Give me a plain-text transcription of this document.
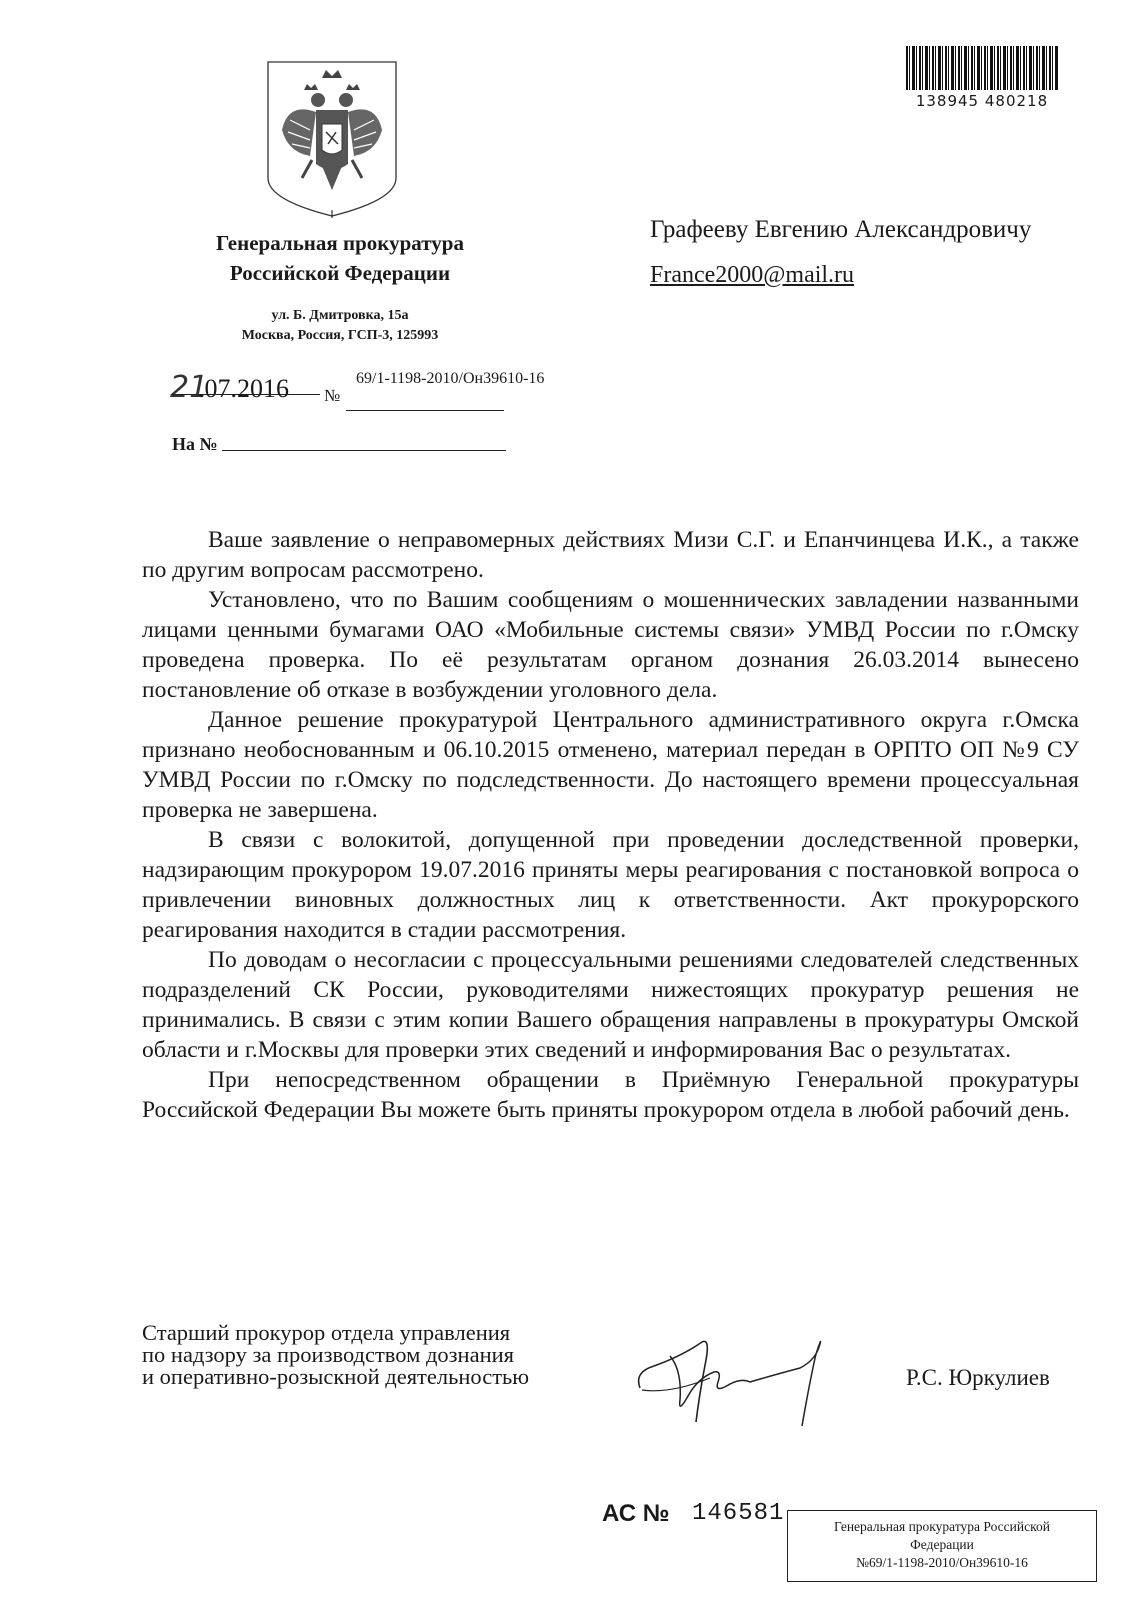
138945 480218
Генеральная прокуратура
Российской Федерации
ул. Б. Дмитровка, 15а
Москва, Россия, ГСП-3, 125993
21
.07.2016 №
69/1-1198-2010/Он39610-16
На №
Графееву Евгению Александровичу
France2000@mail.ru

Ваше заявление о неправомерных действиях Мизи С.Г. и Епанчинцева И.К., а также по другим вопросам рассмотрено.

Установлено, что по Вашим сообщениям о мошеннических завладении названными лицами ценными бумагами ОАО «Мобильные системы связи» УМВД России по г.Омску проведена проверка. По её результатам органом дознания 26.03.2014 вынесено постановление об отказе в возбуждении уголовного дела.

Данное решение прокуратурой Центрального административного округа г.Омска признано необоснованным и 06.10.2015 отменено, материал передан в ОРПТО ОП №9 СУ УМВД России по г.Омску по подследственности. До настоящего времени процессуальная проверка не завершена.

В связи с волокитой, допущенной при проведении доследственной проверки, надзирающим прокурором 19.07.2016 приняты меры реагирования с постановкой вопроса о привлечении виновных должностных лиц к ответственности. Акт прокурорского реагирования находится в стадии рассмотрения.

По доводам о несогласии с процессуальными решениями следователей следственных подразделений СК России, руководителями нижестоящих прокуратур решения не принимались. В связи с этим копии Вашего обращения направлены в прокуратуры Омской области и г.Москвы для проверки этих сведений и информирования Вас о результатах.

При непосредственном обращении в Приёмную Генеральной прокуратуры Российской Федерации Вы можете быть приняты прокурором отдела в любой рабочий день.

Старший прокурор отдела управления
по надзору за производством дознания
и оперативно-розыскной деятельностью	Р.С. Юркулиев
АС № 146581	Генеральная прокуратура Российской
Федерации
№69/1-1198-2010/Он39610-16
